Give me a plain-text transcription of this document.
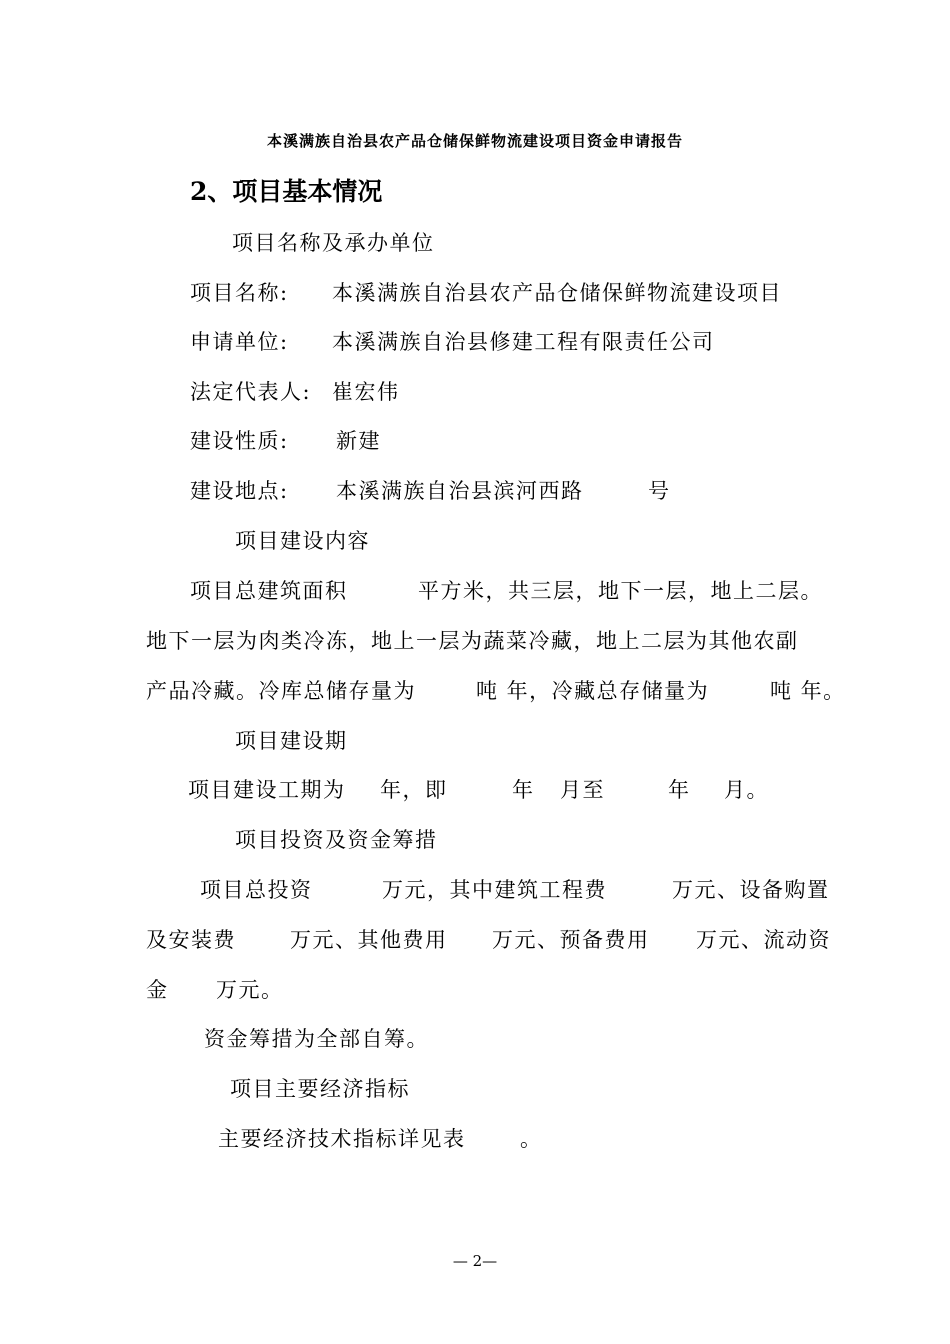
本溪满族自治县农产品仓储保鲜物流建设项目资金申请报告
2、项目基本情况
项目名称及承办单位
项目名称: 本溪满族自治县农产品仓储保鲜物流建设项目
申请单位: 本溪满族自治县修建工程有限责任公司
法定代表人: 崔宏伟
建设性质: 新建
建设地点: 本溪满族自治县滨河西路	号
项目建设内容
项目总建筑面积	平方米，共三层，地下一层，地上二层。
地下一层为肉类冷冻，地上一层为蔬菜冷藏，地上二层为其他农副
产品冷藏。冷库总储存量为	吨 年，冷藏总存储量为	吨 年。
项目建设期
项目建设工期为 年，即	年 月至	年 月。
项目投资及资金筹措
项目总投资	万元，其中建筑工程费	万元、设备购置
及安装费	万元、其他费用 万元、预备费用 万元、流动资
金 万元。
资金筹措为全部自筹。
项目主要经济指标
主要经济技术指标详见表	。
— 2—
